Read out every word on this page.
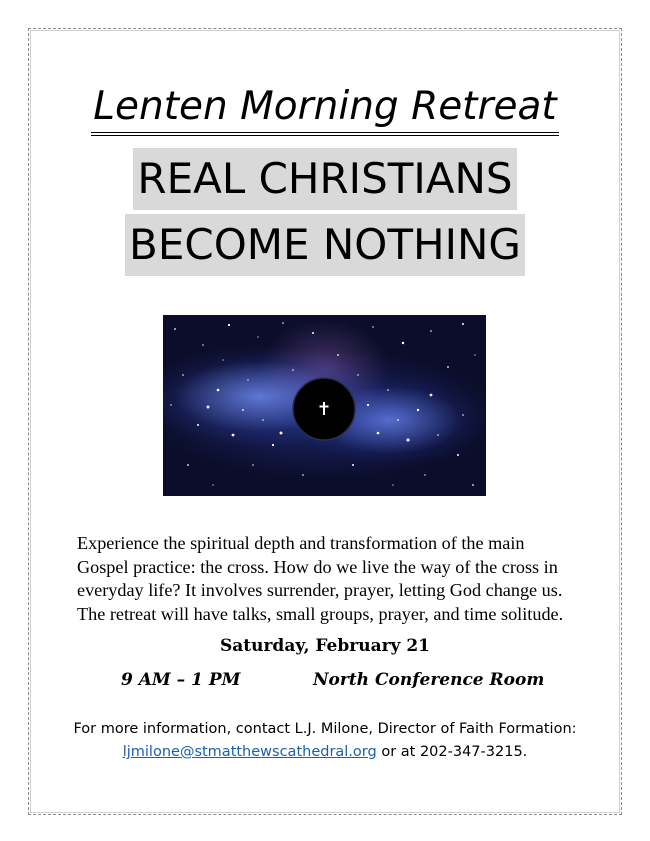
Lenten Morning Retreat
REAL CHRISTIANS
BECOME NOTHING
Experience the spiritual depth and transformation of the main Gospel practice: the cross. How do we live the way of the cross in everyday life? It involves surrender, prayer, letting God change us. The retreat will have talks, small groups, prayer, and time solitude.
Saturday, February 21
9 AM – 1 PM	North Conference Room
For more information, contact L.J. Milone, Director of Faith Formation:
ljmilone@stmatthewscathedral.org or at 202-347-3215.
